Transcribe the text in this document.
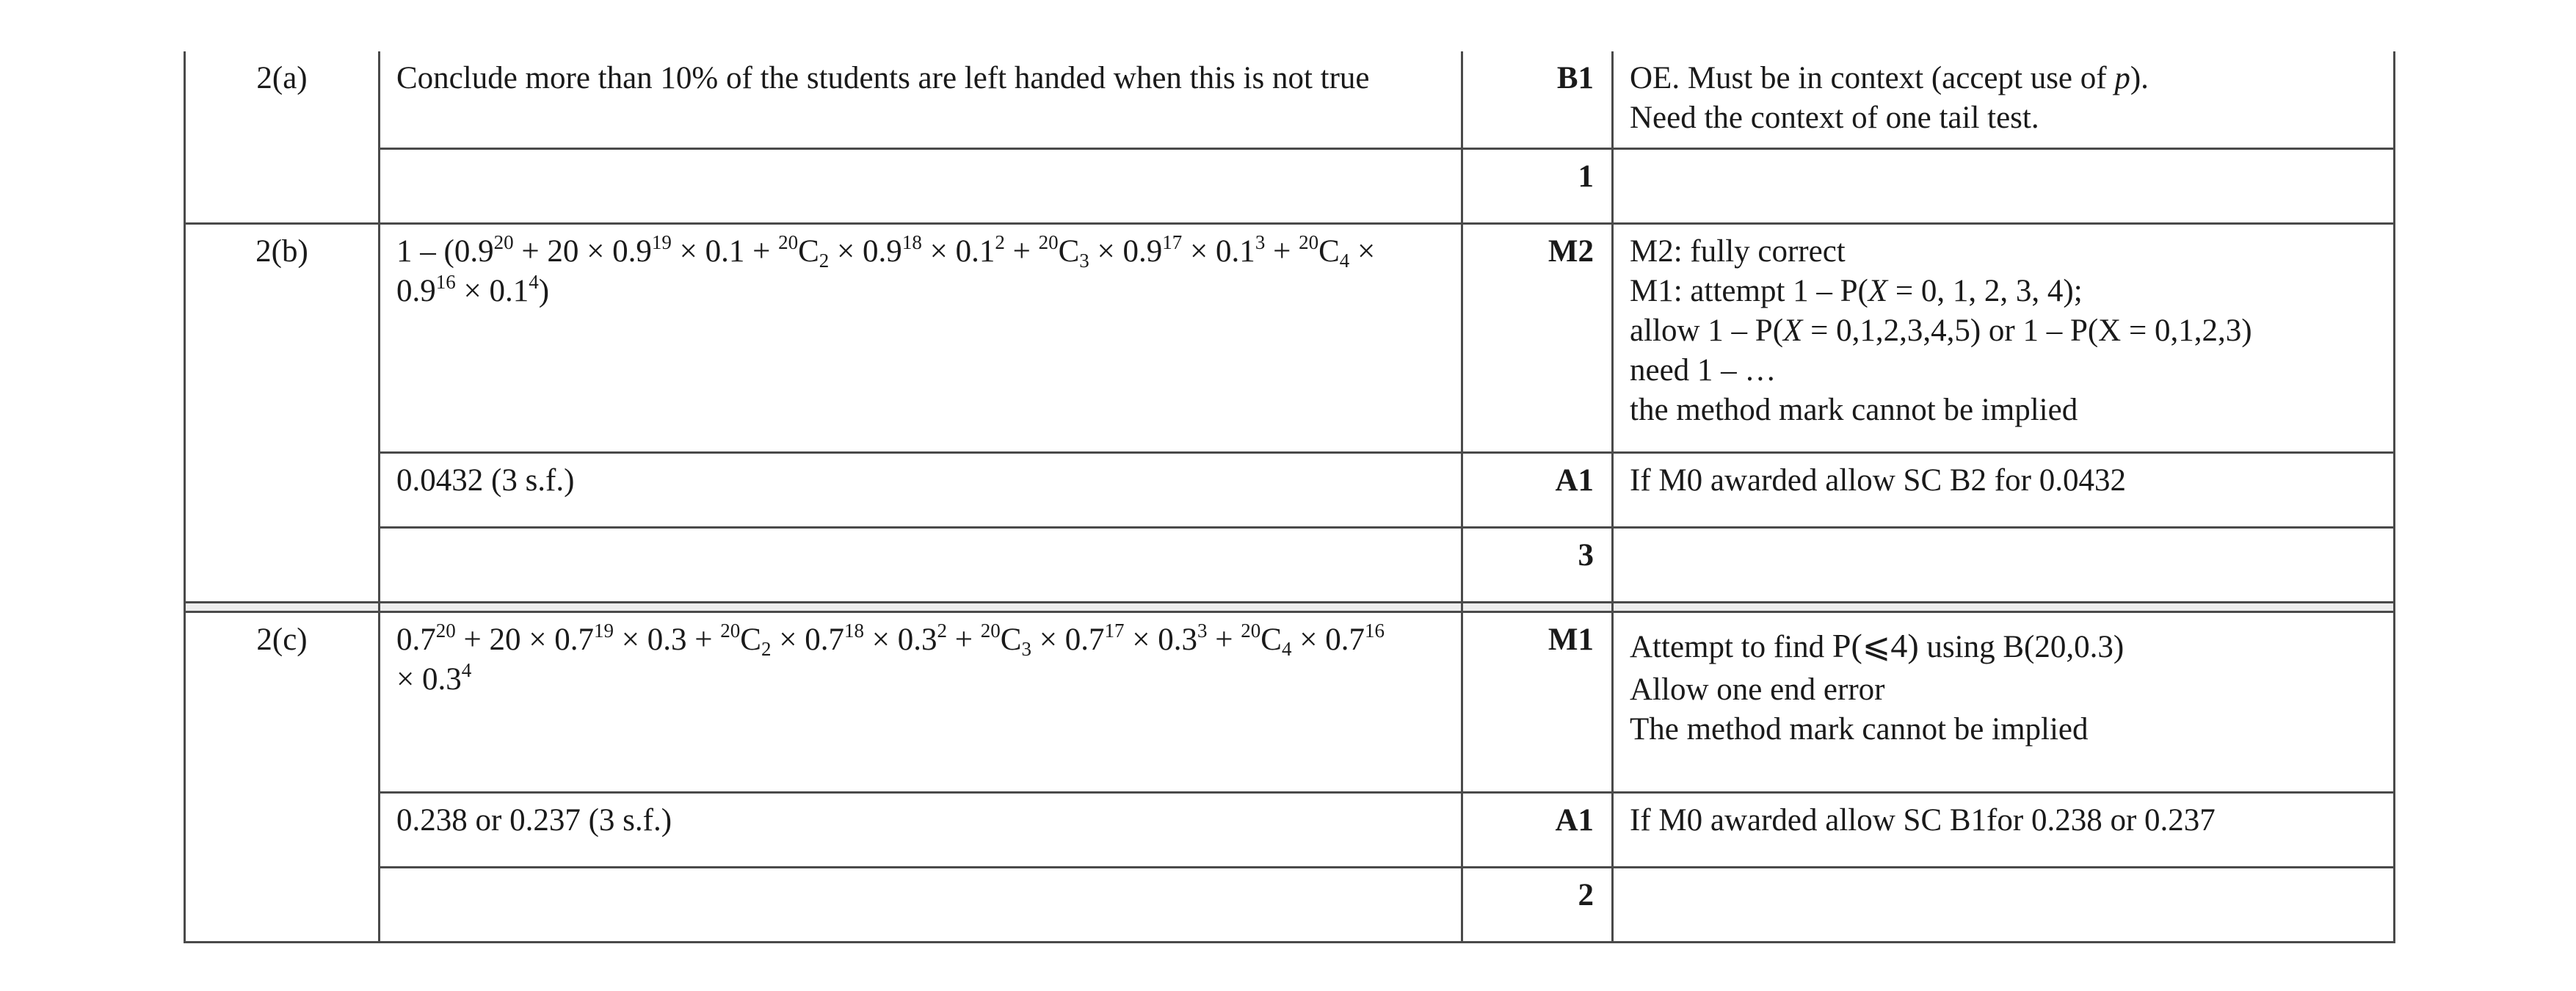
2(a)	Conclude more than 10% of the students are left handed when this is not true	B1	OE. Must be in context (accept use of p).
Need the context of one tail test.

		1	
2(b)	$1 - (0.9^{20} + 20 \times 0.9^{19} \times 0.1 + ^{20}C_2 \times 0.9^{18} \times 0.1^2 + ^{20}C_3 \times 0.9^{17} \times 0.1^3 + ^{20}C_4$ ×
$0.9^{16} \times 0.1^4$)	M2	M2: fully correct
M1: attempt 1 – P(X = 0, 1, 2, 3, 4);
allow 1 – P(X = 0,1,2,3,4,5) or 1 – P(X = 0,1,2,3)
need 1 – …
the method mark cannot be implied

	0.0432 (3 s.f.)	A1	If M0 awarded allow SC B2 for 0.0432
		3	

2(c)	$0.7^{20} + 20 \times 0.7^{19} \times 0.3 + ^{20}C_2 \times 0.7^{18} \times 0.3^2 + ^{20}C_3 \times 0.7^{17} \times 0.3^3 + ^{20}C_4 \times 0.7^{16}$
× $0.3^4$	M1	Attempt to find P(⩽4) using B(20,0.3)
Allow one end error
The method mark cannot be implied

	0.238 or 0.237 (3 s.f.)	A1	If M0 awarded allow SC B1for 0.238 or 0.237
		2	
